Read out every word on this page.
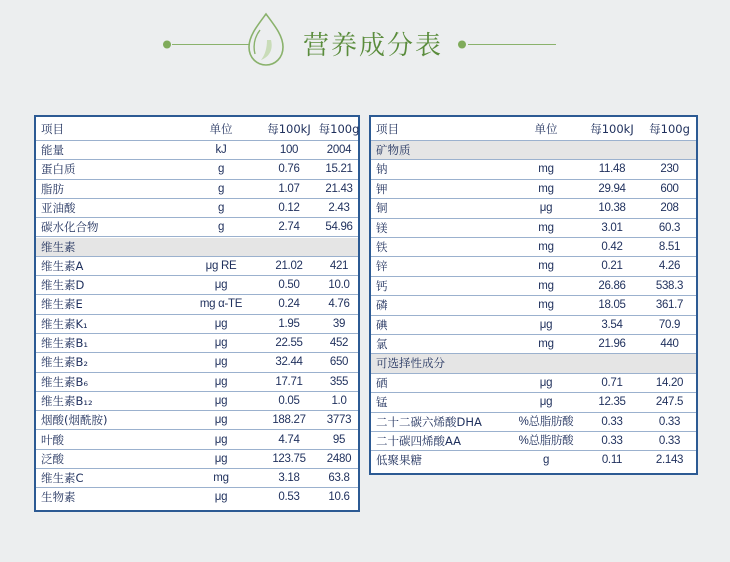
营养成分表
项目	单位	每100kJ 每100g
能量	kJ	100	2004
蛋白质	g	0.76	15.21
脂肪	g	1.07	21.43
亚油酸	g	0.12	2.43
碳水化合物	g	2.74	54.96
维生素
维生素A	μg RE	21.02	421
维生素D	μg	0.50	10.0
维生素E	mg α-TE	0.24	4.76
维生素K₁	μg	1.95	39
维生素B₁	μg	22.55	452
维生素B₂	μg	32.44	650
维生素B₆	μg	17.71	355
维生素B₁₂	μg	0.05	1.0
烟酸(烟酰胺)	μg	188.27	3773
叶酸	μg	4.74	95
泛酸	μg	123.75	2480
维生素C	mg	3.18	63.8
生物素	μg	0.53	10.6
项目	单位	每100kJ	每100g
矿物质
钠	mg	11.48	230
钾	mg	29.94	600
铜	μg	10.38	208
镁	mg	3.01	60.3
铁	mg	0.42	8.51
锌	mg	0.21	4.26
钙	mg	26.86	538.3
磷	mg	18.05	361.7
碘	μg	3.54	70.9
氯	mg	21.96	440
可选择性成分
硒	μg	0.71	14.20
锰	μg	12.35	247.5
二十二碳六烯酸DHA	%总脂肪酸	0.33	0.33
二十碳四烯酸AA	%总脂肪酸	0.33	0.33
低聚果糖	g	0.11	2.143
